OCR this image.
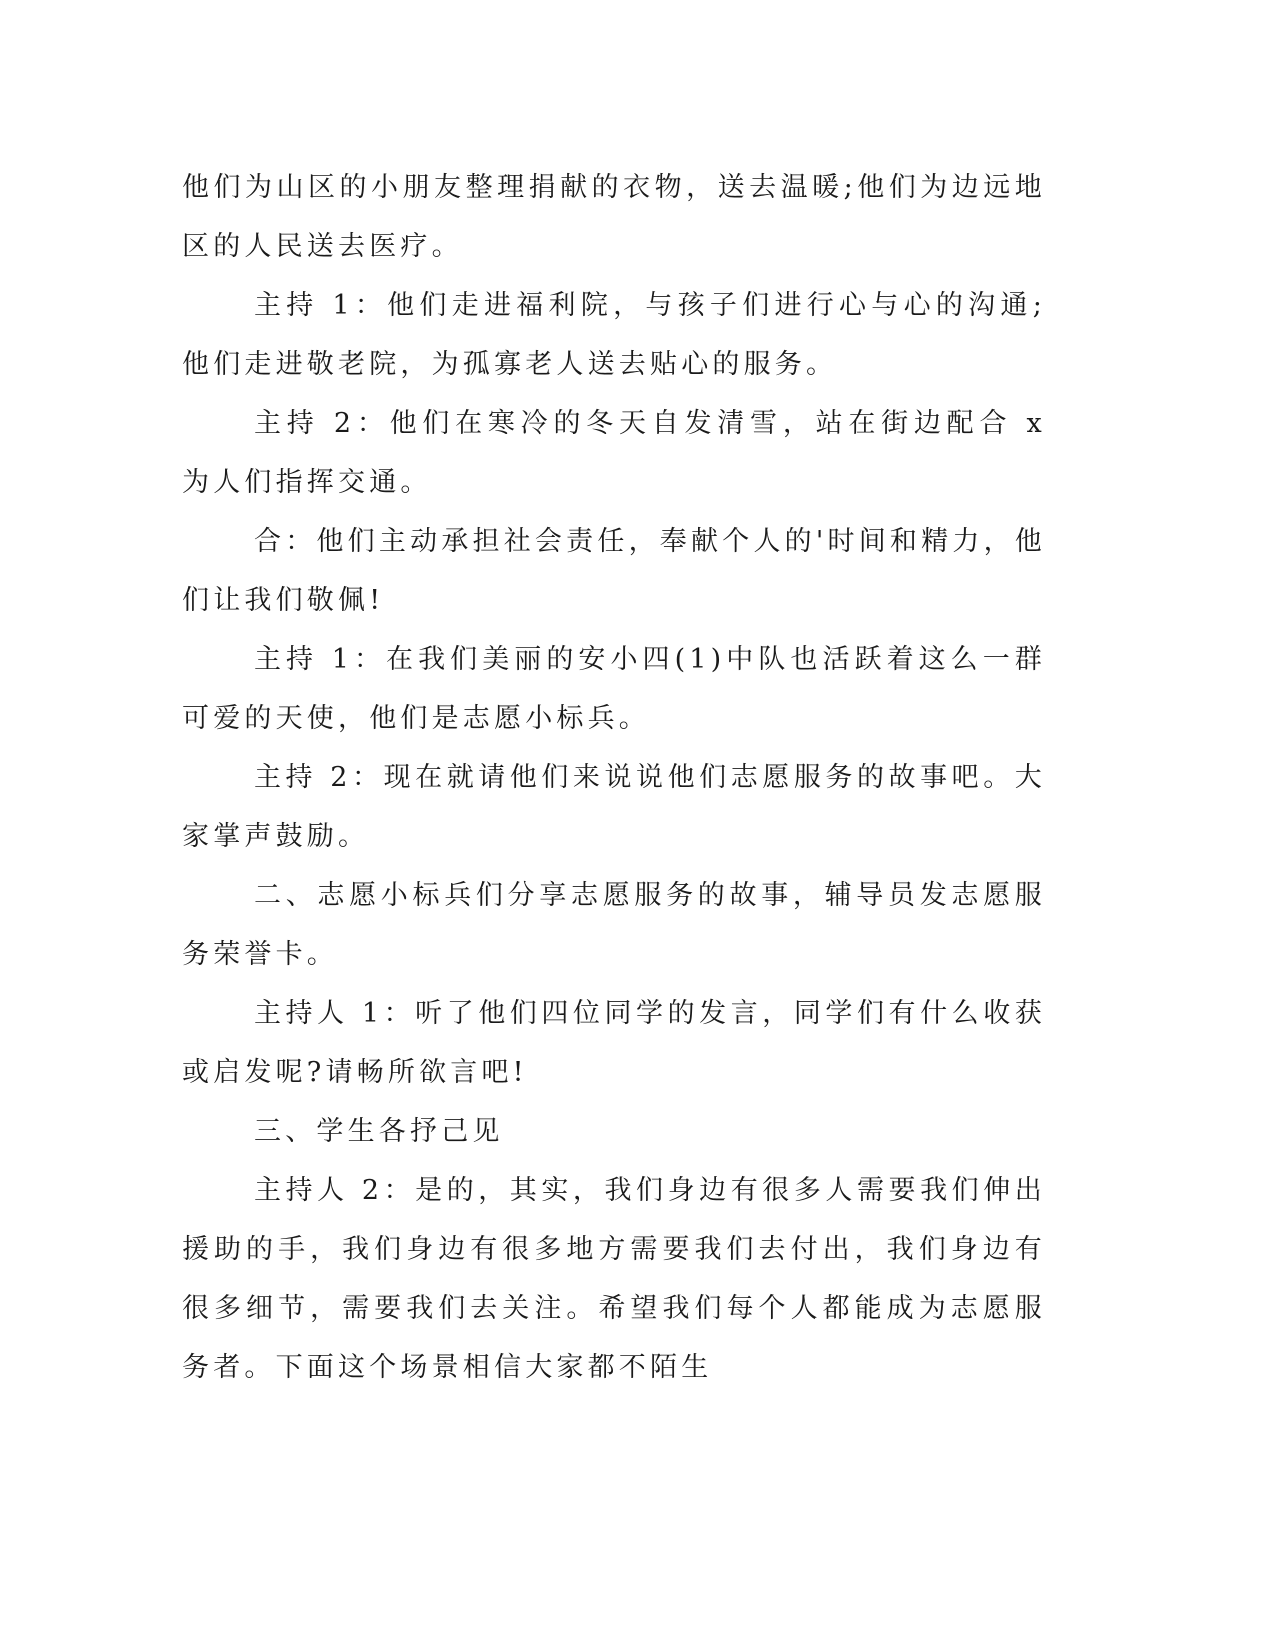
他们为山区的小朋友整理捐献的衣物，送去温暖;他们为边远地区的人民送去医疗。

主持 1：他们走进福利院，与孩子们进行心与心的沟通;他们走进敬老院，为孤寡老人送去贴心的服务。

主持 2：他们在寒冷的冬天自发清雪，站在街边配合 x 为人们指挥交通。

合：他们主动承担社会责任，奉献个人的'时间和精力，他们让我们敬佩!

主持 1：在我们美丽的安小四(1)中队也活跃着这么一群可爱的天使，他们是志愿小标兵。

主持 2：现在就请他们来说说他们志愿服务的故事吧。大家掌声鼓励。

二、志愿小标兵们分享志愿服务的故事，辅导员发志愿服务荣誉卡。

主持人 1：听了他们四位同学的发言，同学们有什么收获或启发呢?请畅所欲言吧!

三、学生各抒己见

主持人 2：是的，其实，我们身边有很多人需要我们伸出援助的手，我们身边有很多地方需要我们去付出，我们身边有很多细节，需要我们去关注。希望我们每个人都能成为志愿服务者。下面这个场景相信大家都不陌生
